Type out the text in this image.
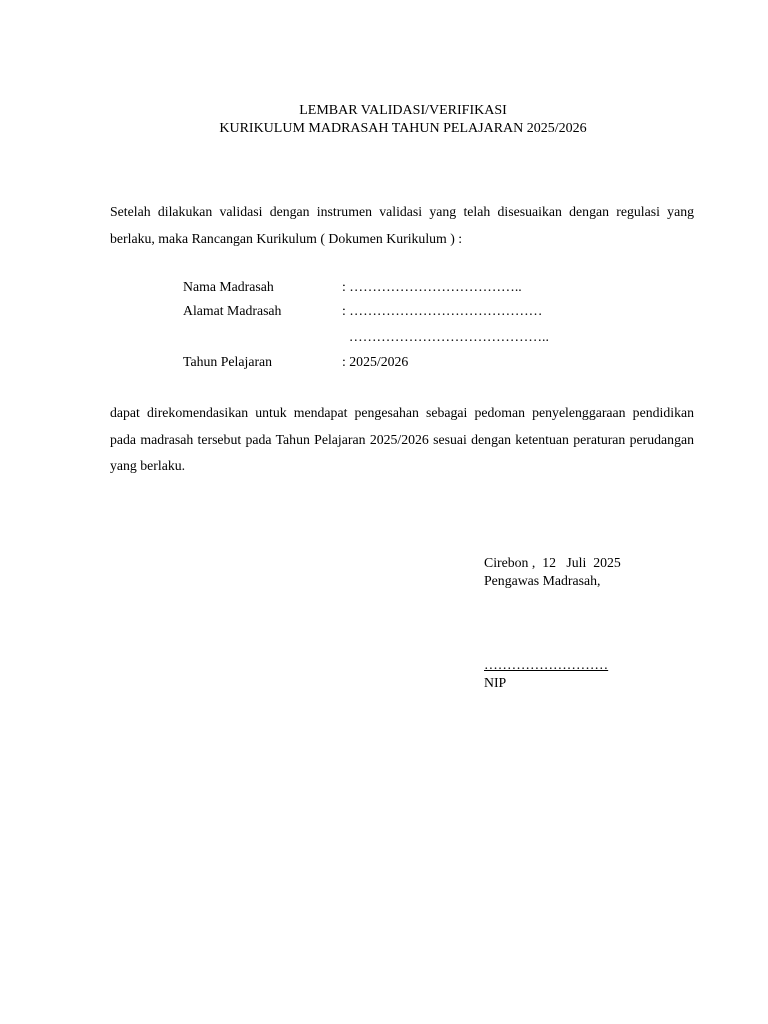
LEMBAR VALIDASI/VERIFIKASI
KURIKULUM MADRASAH TAHUN PELAJARAN 2025/2026
Setelah dilakukan validasi dengan instrumen validasi yang telah disesuaikan dengan regulasi yang berlaku, maka Rancangan Kurikulum ( Dokumen Kurikulum ) :
Nama Madrasah	: ………………………………..
Alamat Madrasah	: ……………………………………
……………………………………..
Tahun Pelajaran	: 2025/2026
dapat direkomendasikan untuk mendapat pengesahan sebagai pedoman penyelenggaraan pendidikan pada madrasah tersebut pada Tahun Pelajaran 2025/2026 sesuai dengan ketentuan peraturan perudangan yang berlaku.
Cirebon ,  12   Juli  2025
Pengawas Madrasah,
………………………
NIP
